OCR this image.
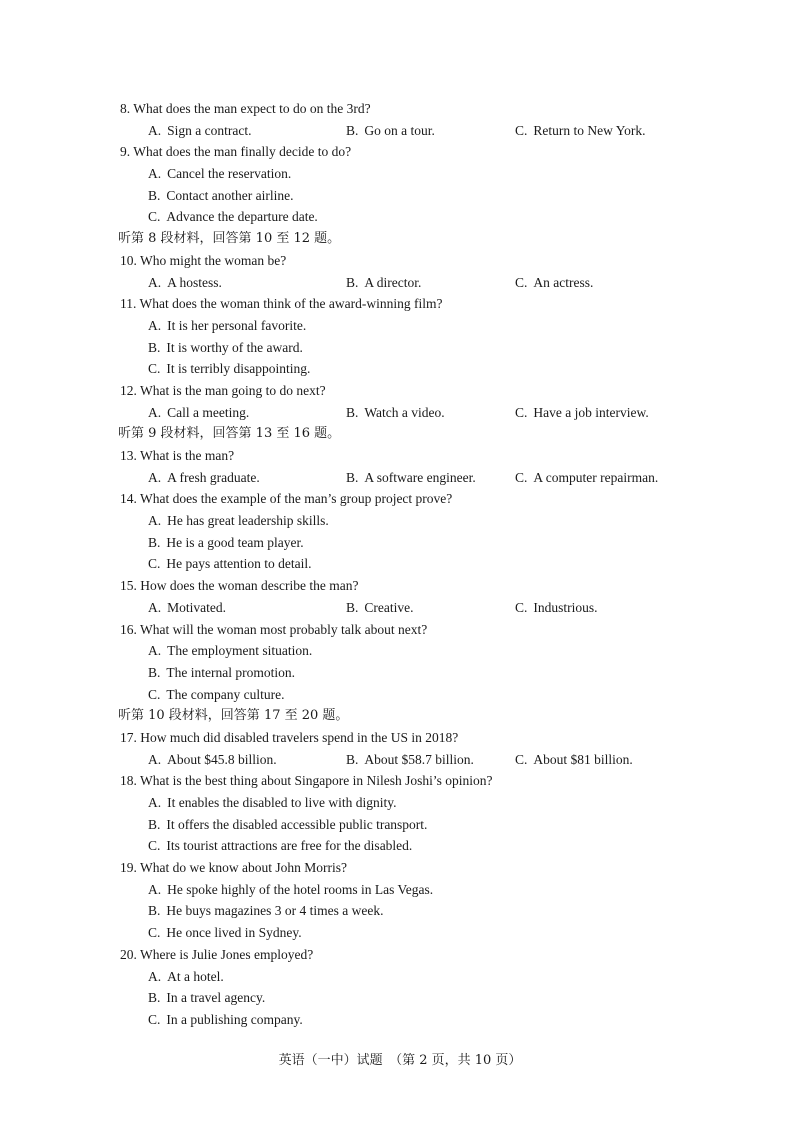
8. What does the man expect to do on the 3rd?
A. Sign a contract.	B. Go on a tour.	C. Return to New York.
9. What does the man finally decide to do?
A. Cancel the reservation.
B. Contact another airline.
C. Advance the departure date.
听第 8 段材料，回答第 10 至 12 题。
10. Who might the woman be?
A. A hostess.	B. A director.	C. An actress.
11. What does the woman think of the award-winning film?
A. It is her personal favorite.
B. It is worthy of the award.
C. It is terribly disappointing.
12. What is the man going to do next?
A. Call a meeting.	B. Watch a video.	C. Have a job interview.
听第 9 段材料，回答第 13 至 16 题。
13. What is the man?
A. A fresh graduate.	B. A software engineer.	C. A computer repairman.
14. What does the example of the man’s group project prove?
A. He has great leadership skills.
B. He is a good team player.
C. He pays attention to detail.
15. How does the woman describe the man?
A. Motivated.	B. Creative.	C. Industrious.
16. What will the woman most probably talk about next?
A. The employment situation.
B. The internal promotion.
C. The company culture.
听第 10 段材料，回答第 17 至 20 题。
17. How much did disabled travelers spend in the US in 2018?
A. About $45.8 billion.	B. About $58.7 billion.	C. About $81 billion.
18. What is the best thing about Singapore in Nilesh Joshi’s opinion?
A. It enables the disabled to live with dignity.
B. It offers the disabled accessible public transport.
C. Its tourist attractions are free for the disabled.
19. What do we know about John Morris?
A. He spoke highly of the hotel rooms in Las Vegas.
B. He buys magazines 3 or 4 times a week.
C. He once lived in Sydney.
20. Where is Julie Jones employed?
A. At a hotel.
B. In a travel agency.
C. In a publishing company.
英语（一中）试题　（第 2 页，共 10 页）
